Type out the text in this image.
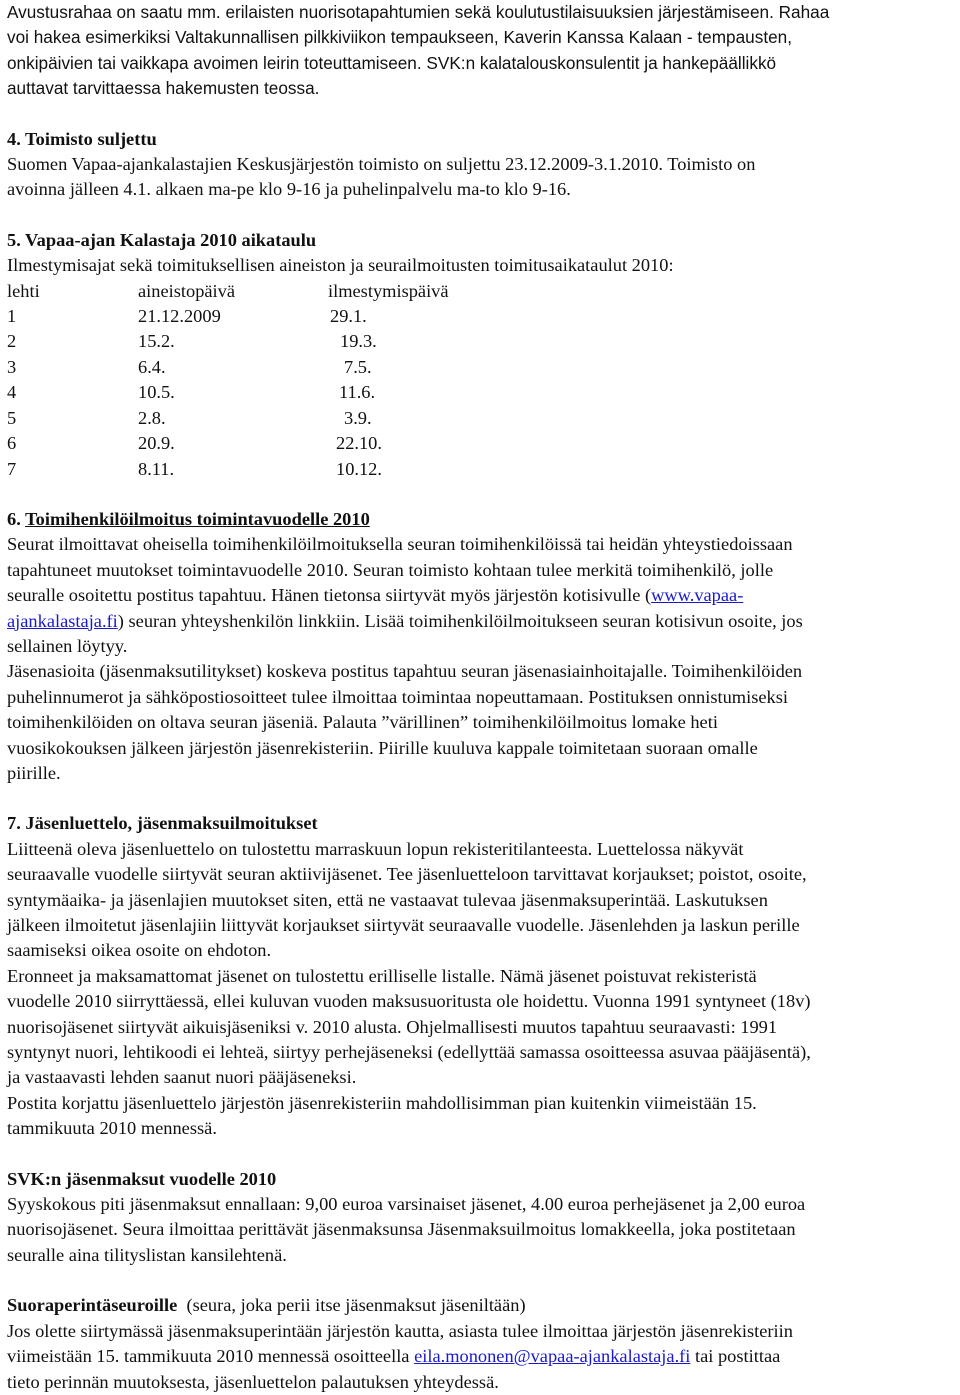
Avustusrahaa on saatu mm. erilaisten nuorisotapahtumien sekä koulutustilaisuuksien järjestämiseen. Rahaa
voi hakea esimerkiksi Valtakunnallisen pilkkiviikon tempaukseen, Kaverin Kanssa Kalaan - tempausten,
onkipäivien tai vaikkapa avoimen leirin toteuttamiseen. SVK:n kalatalouskonsulentit ja hankepäällikkö
auttavat tarvittaessa hakemusten teossa.

4. Toimisto suljettu

Suomen Vapaa-ajankalastajien Keskusjärjestön toimisto on suljettu 23.12.2009-3.1.2010. Toimisto on
avoinna jälleen 4.1. alkaen ma-pe klo 9-16 ja puhelinpalvelu ma-to klo 9-16.

5. Vapaa-ajan Kalastaja 2010 aikataulu

Ilmestymisajat sekä toimituksellisen aineiston ja seurailmoitusten toimitusaikataulut 2010:

lehti	aineistopäivä	ilmestymispäivä
1	21.12.2009	29.1.
2	15.2.	19.3.
3	6.4.	7.5.
4	10.5.	11.6.
5	2.8.	3.9.
6	20.9.	22.10.
7	8.11.	10.12.

6. Toimihenkilöilmoitus toimintavuodelle 2010

Seurat ilmoittavat oheisella toimihenkilöilmoituksella seuran toimihenkilöissä tai heidän yhteystiedoissaan
tapahtuneet muutokset toimintavuodelle 2010. Seuran toimisto kohtaan tulee merkitä toimihenkilö, jolle
seuralle osoitettu postitus tapahtuu. Hänen tietonsa siirtyvät myös järjestön kotisivulle (www.vapaa-
ajankalastaja.fi) seuran yhteyshenkilön linkkiin. Lisää toimihenkilöilmoitukseen seuran kotisivun osoite, jos
sellainen löytyy.

Jäsenasioita (jäsenmaksutilitykset) koskeva postitus tapahtuu seuran jäsenasiainhoitajalle. Toimihenkilöiden
puhelinnumerot ja sähköpostiosoitteet tulee ilmoittaa toimintaa nopeuttamaan. Postituksen onnistumiseksi
toimihenkilöiden on oltava seuran jäseniä. Palauta ”värillinen” toimihenkilöilmoitus lomake heti
vuosikokouksen jälkeen järjestön jäsenrekisteriin. Piirille kuuluva kappale toimitetaan suoraan omalle
piirille.

7. Jäsenluettelo, jäsenmaksuilmoitukset

Liitteenä oleva jäsenluettelo on tulostettu marraskuun lopun rekisteritilanteesta. Luettelossa näkyvät
seuraavalle vuodelle siirtyvät seuran aktiivijäsenet. Tee jäsenluetteloon tarvittavat korjaukset; poistot, osoite,
syntymäaika- ja jäsenlajien muutokset siten, että ne vastaavat tulevaa jäsenmaksuperintää. Laskutuksen
jälkeen ilmoitetut jäsenlajiin liittyvät korjaukset siirtyvät seuraavalle vuodelle. Jäsenlehden ja laskun perille
saamiseksi oikea osoite on ehdoton.

Eronneet ja maksamattomat jäsenet on tulostettu erilliselle listalle. Nämä jäsenet poistuvat rekisteristä
vuodelle 2010 siirryttäessä, ellei kuluvan vuoden maksusuoritusta ole hoidettu. Vuonna 1991 syntyneet (18v)
nuorisojäsenet siirtyvät aikuisjäseniksi v. 2010 alusta. Ohjelmallisesti muutos tapahtuu seuraavasti: 1991
syntynyt nuori, lehtikoodi ei lehteä, siirtyy perhejäseneksi (edellyttää samassa osoitteessa asuvaa pääjäsentä),
ja vastaavasti lehden saanut nuori pääjäseneksi.

Postita korjattu jäsenluettelo järjestön jäsenrekisteriin mahdollisimman pian kuitenkin viimeistään 15.
tammikuuta 2010 mennessä.

SVK:n jäsenmaksut vuodelle 2010

Syyskokous piti jäsenmaksut ennallaan: 9,00 euroa varsinaiset jäsenet, 4.00 euroa perhejäsenet ja 2,00 euroa
nuorisojäsenet. Seura ilmoittaa perittävät jäsenmaksunsa Jäsenmaksuilmoitus lomakkeella, joka postitetaan
seuralle aina tilityslistan kansilehtenä.

Suoraperintäseuroille  (seura, joka perii itse jäsenmaksut jäseniltään)

Jos olette siirtymässä jäsenmaksuperintään järjestön kautta, asiasta tulee ilmoittaa järjestön jäsenrekisteriin
viimeistään 15. tammikuuta 2010 mennessä osoitteella eila.mononen@vapaa-ajankalastaja.fi tai postittaa
tieto perinnän muutoksesta, jäsenluettelon palautuksen yhteydessä.
